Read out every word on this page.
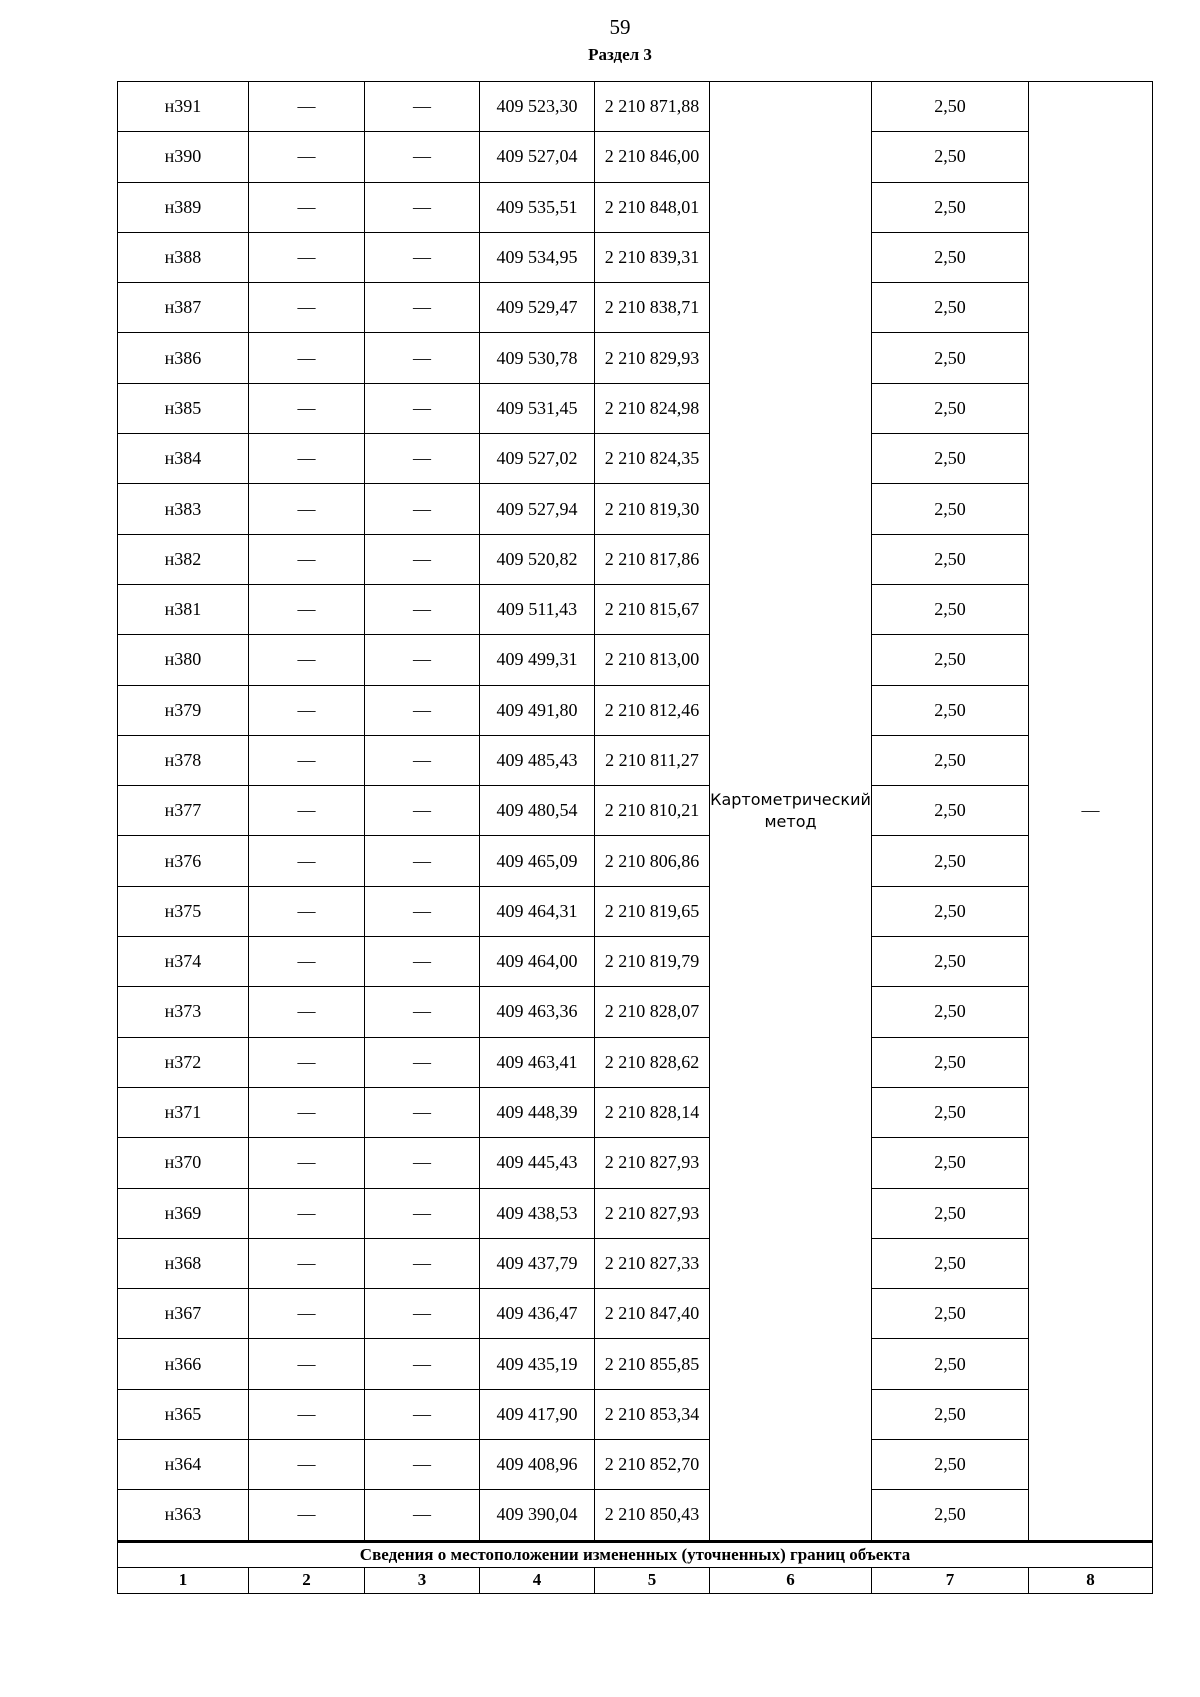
59
Раздел 3
н391	—	—	409 523,30	2 210 871,88	Картометрический метод	2,50	—
н390	—	—	409 527,04	2 210 846,00		2,50	
н389	—	—	409 535,51	2 210 848,01		2,50	
н388	—	—	409 534,95	2 210 839,31		2,50	
н387	—	—	409 529,47	2 210 838,71		2,50	
н386	—	—	409 530,78	2 210 829,93		2,50	
н385	—	—	409 531,45	2 210 824,98		2,50	
н384	—	—	409 527,02	2 210 824,35		2,50	
н383	—	—	409 527,94	2 210 819,30		2,50	
н382	—	—	409 520,82	2 210 817,86		2,50	
н381	—	—	409 511,43	2 210 815,67		2,50	
н380	—	—	409 499,31	2 210 813,00		2,50	
н379	—	—	409 491,80	2 210 812,46		2,50	
н378	—	—	409 485,43	2 210 811,27		2,50	
н377	—	—	409 480,54	2 210 810,21		2,50	
н376	—	—	409 465,09	2 210 806,86		2,50	
н375	—	—	409 464,31	2 210 819,65		2,50	
н374	—	—	409 464,00	2 210 819,79		2,50	
н373	—	—	409 463,36	2 210 828,07		2,50	
н372	—	—	409 463,41	2 210 828,62		2,50	
н371	—	—	409 448,39	2 210 828,14		2,50	
н370	—	—	409 445,43	2 210 827,93		2,50	
н369	—	—	409 438,53	2 210 827,93		2,50	
н368	—	—	409 437,79	2 210 827,33		2,50	
н367	—	—	409 436,47	2 210 847,40		2,50	
н366	—	—	409 435,19	2 210 855,85		2,50	
н365	—	—	409 417,90	2 210 853,34		2,50	
н364	—	—	409 408,96	2 210 852,70		2,50	
н363	—	—	409 390,04	2 210 850,43		2,50	
Сведения о местоположении измененных (уточненных) границ объекта							
1	2	3	4	5	6	7	8
